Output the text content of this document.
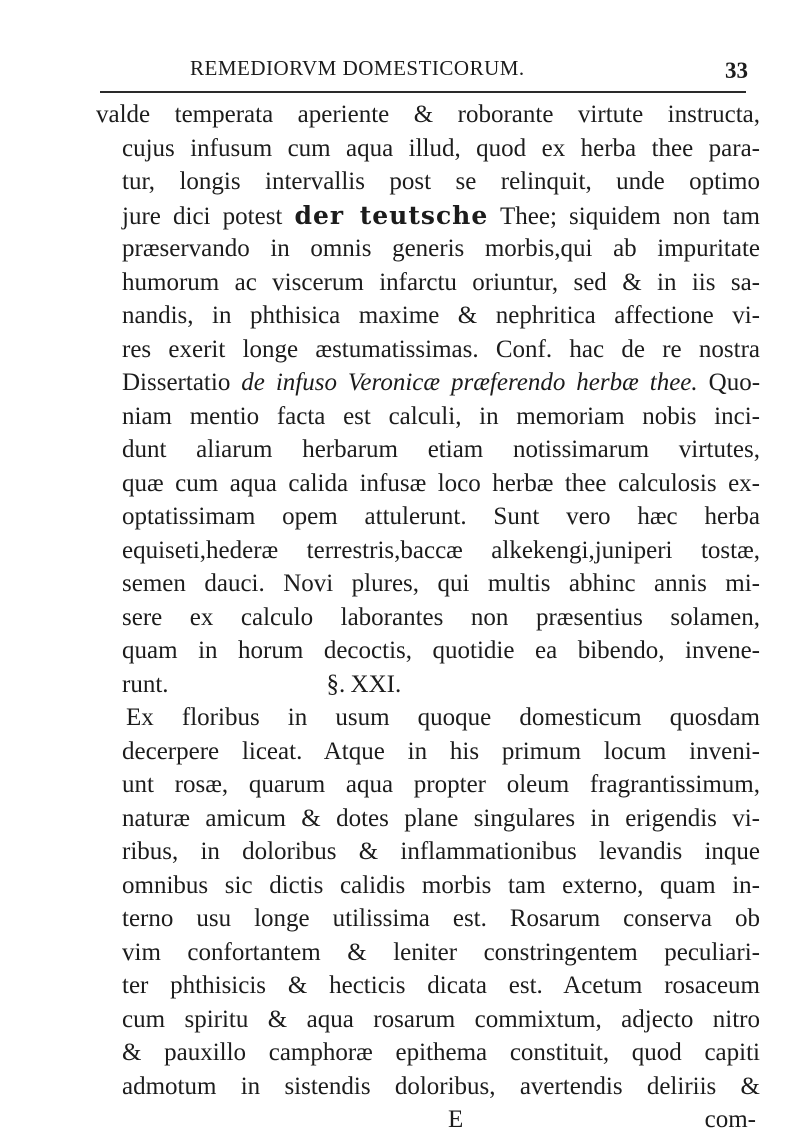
REMEDIORVM DOMESTICORUM.	33
valde temperata aperiente & roborante virtute instructa,
cujus infusum cum aqua illud, quod ex herba thee para-
tur, longis intervallis post se relinquit, unde optimo
jure dici potest der teutsche Thee; siquidem non tam
præservando in omnis generis morbis,qui ab impuritate
humorum ac viscerum infarctu oriuntur, sed & in iis sa-
nandis, in phthisica maxime & nephritica affectione vi-
res exerit longe æstumatissimas. Conf. hac de re nostra
Dissertatio de infuso Veronicæ præferendo herbæ thee. Quo-
niam mentio facta est calculi, in memoriam nobis inci-
dunt aliarum herbarum etiam notissimarum virtutes,
quæ cum aqua calida infusæ loco herbæ thee calculosis ex-
optatissimam opem attulerunt. Sunt vero hæc herba
equiseti,hederæ terrestris,baccæ alkekengi,juniperi tostæ,
semen dauci. Novi plures, qui multis abhinc annis mi-
sere ex calculo laborantes non præsentius solamen,
quam in horum decoctis, quotidie ea bibendo, invene-
runt.	§. XXI.
Ex floribus in usum quoque domesticum quosdam
decerpere liceat. Atque in his primum locum inveni-
unt rosæ, quarum aqua propter oleum fragrantissimum,
naturæ amicum & dotes plane singulares in erigendis vi-
ribus, in doloribus & inflammationibus levandis inque
omnibus sic dictis calidis morbis tam externo, quam in-
terno usu longe utilissima est. Rosarum conserva ob
vim confortantem & leniter constringentem peculiari-
ter phthisicis & hecticis dicata est. Acetum rosaceum
cum spiritu & aqua rosarum commixtum, adjecto nitro
& pauxillo camphoræ epithema constituit, quod capiti
admotum in sistendis doloribus, avertendis deliriis &
E	com-
